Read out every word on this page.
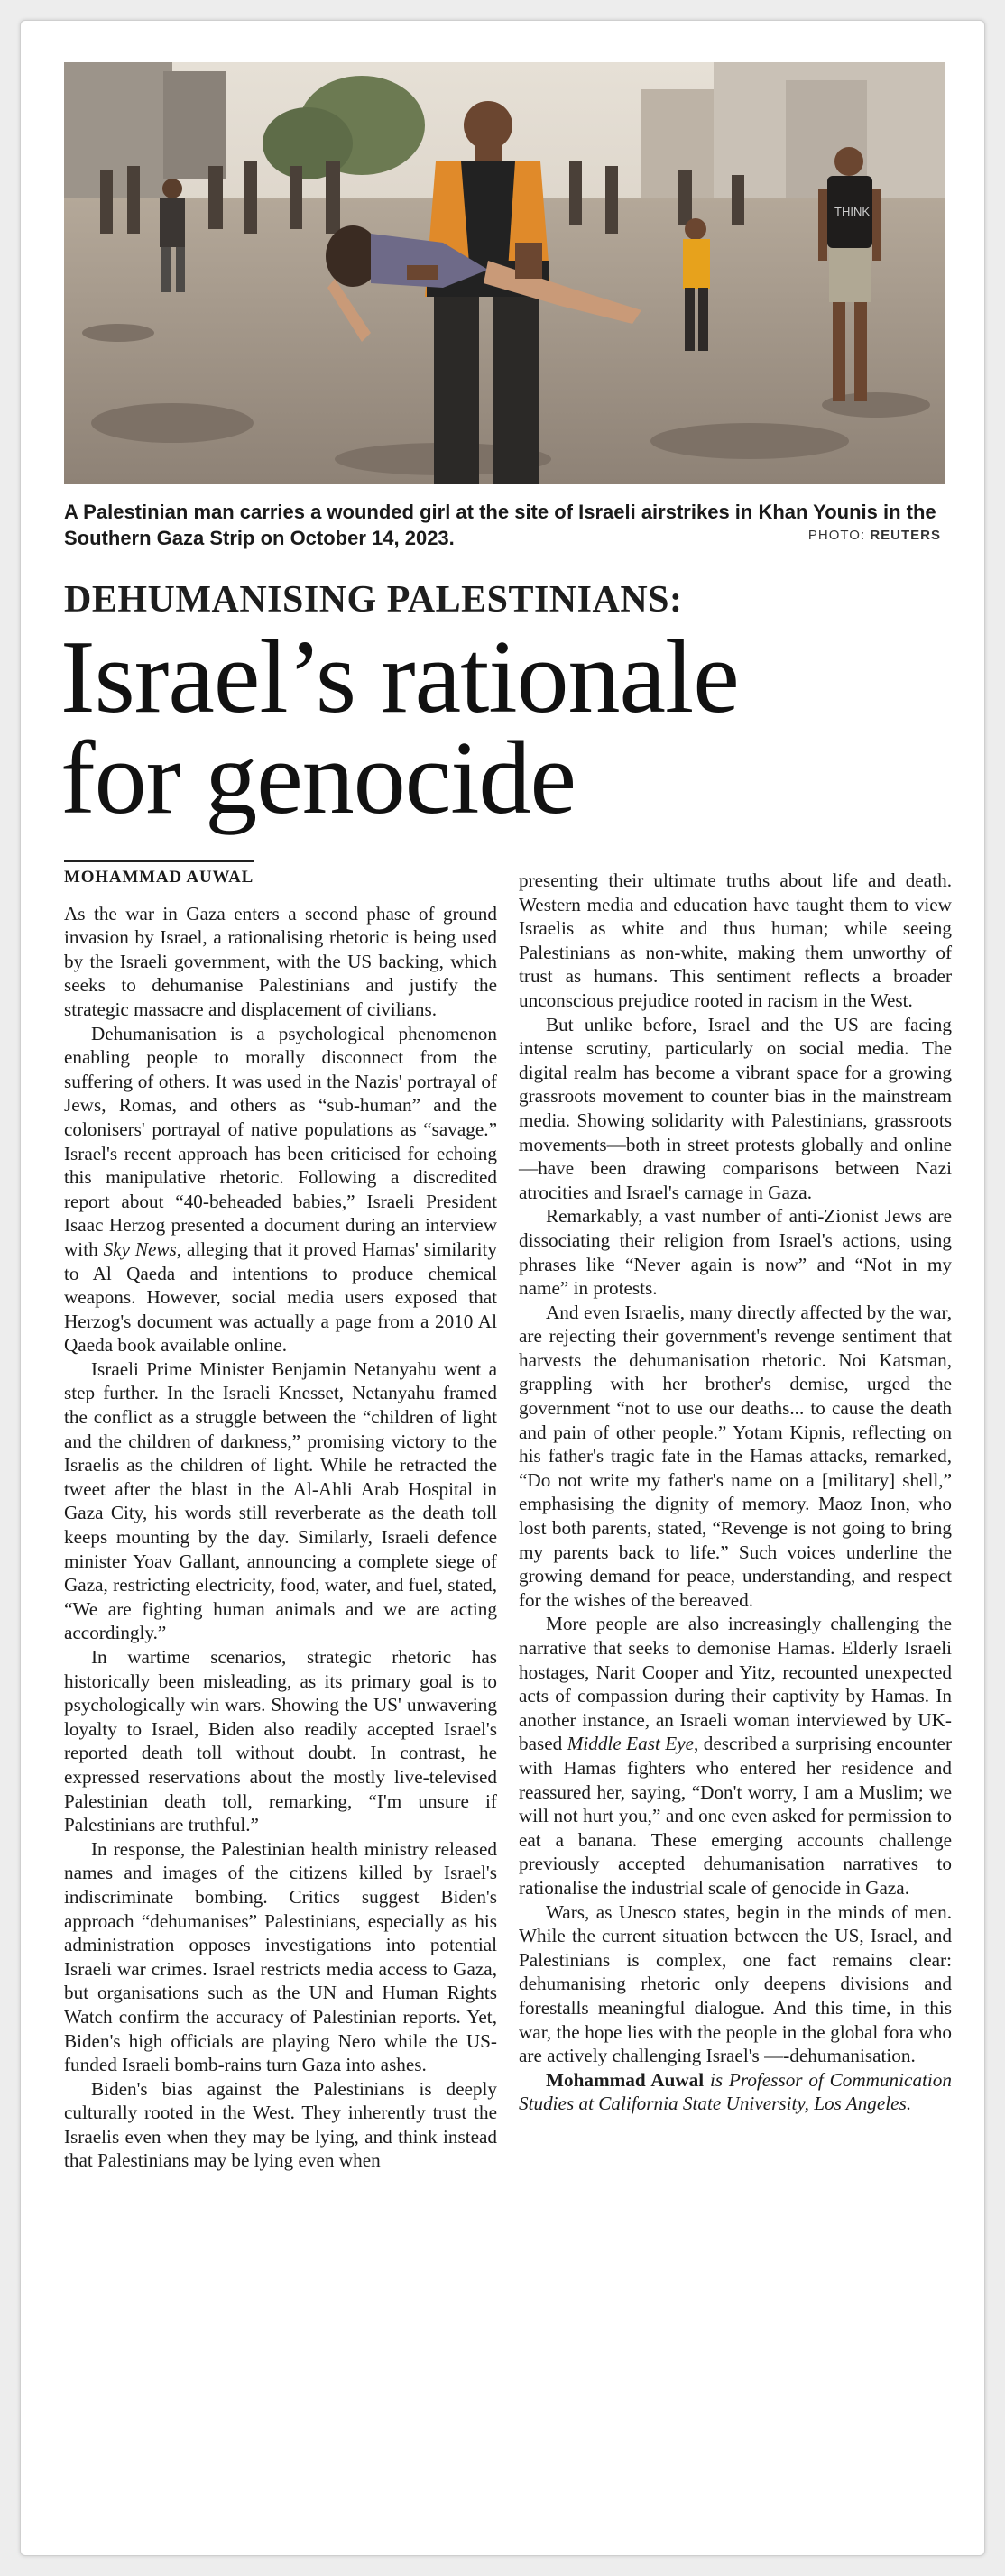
THINK
A Palestinian man carries a wounded girl at the site of Israeli airstrikes in Khan Younis in the Southern Gaza Strip on October 14, 2023.	PHOTO: REUTERS
DEHUMANISING PALESTINIANS:
Israel’s rationale
for genocide
MOHAMMAD AUWAL

As the war in Gaza enters a second phase of ground invasion by Israel, a rationalising rhetoric is being used by the Israeli government, with the US backing, which seeks to dehumanise Palestinians and justify the strategic massacre and displacement of civilians.

Dehumanisation is a psychological phenomenon enabling people to morally disconnect from the suffering of others. It was used in the Nazis' portrayal of Jews, Romas, and others as “sub-human” and the colonisers' portrayal of native populations as “savage.” Israel's recent approach has been criticised for echoing this manipulative rhetoric. Following a discredited report about “40-beheaded babies,” Israeli President Isaac Herzog presented a document during an interview with Sky News, alleging that it proved Hamas' similarity to Al Qaeda and intentions to produce chemical weapons. However, social media users exposed that Herzog's document was actually a page from a 2010 Al Qaeda book available online.

Israeli Prime Minister Benjamin Netanyahu went a step further. In the Israeli Knesset, Netanyahu framed the conflict as a struggle between the “children of light and the children of darkness,” promising victory to the Israelis as the children of light. While he retracted the tweet after the blast in the Al-Ahli Arab Hospital in Gaza City, his words still reverberate as the death toll keeps mounting by the day. Similarly, Israeli defence minister Yoav Gallant, announcing a complete siege of Gaza, restricting electricity, food, water, and fuel, stated, “We are fighting human animals and we are acting accordingly.”

In wartime scenarios, strategic rhetoric has historically been misleading, as its primary goal is to psychologically win wars. Showing the US' unwavering loyalty to Israel, Biden also readily accepted Israel's reported death toll without doubt. In contrast, he expressed reservations about the mostly live-televised Palestinian death toll, remarking, “I'm unsure if Palestinians are truthful.”

In response, the Palestinian health ministry released names and images of the citizens killed by Israel's indiscriminate bombing. Critics suggest Biden's approach “dehumanises” Palestinians, especially as his administration opposes investigations into potential Israeli war crimes. Israel restricts media access to Gaza, but organisations such as the UN and Human Rights Watch confirm the accuracy of Palestinian reports. Yet, Biden's high officials are playing Nero while the US-funded Israeli bomb-rains turn Gaza into ashes.

Biden's bias against the Palestinians is deeply culturally rooted in the West. They inherently trust the Israelis even when they may be lying, and think instead that Palestinians may be lying even when

presenting their ultimate truths about life and death. Western media and education have taught them to view Israelis as white and thus human; while seeing Palestinians as non-white, making them unworthy of trust as humans. This sentiment reflects a broader unconscious prejudice rooted in racism in the West.

But unlike before, Israel and the US are facing intense scrutiny, particularly on social media. The digital realm has become a vibrant space for a growing grassroots movement to counter bias in the mainstream media. Showing solidarity with Palestinians, grassroots movements—both in street protests globally and online—have been drawing comparisons between Nazi atrocities and Israel's carnage in Gaza.

Remarkably, a vast number of anti-Zionist Jews are dissociating their religion from Israel's actions, using phrases like “Never again is now” and “Not in my name” in protests.

And even Israelis, many directly affected by the war, are rejecting their government's revenge sentiment that harvests the dehumanisation rhetoric. Noi Katsman, grappling with her brother's demise, urged the government “not to use our deaths... to cause the death and pain of other people.” Yotam Kipnis, reflecting on his father's tragic fate in the Hamas attacks, remarked, “Do not write my father's name on a [military] shell,” emphasising the dignity of memory. Maoz Inon, who lost both parents, stated, “Revenge is not going to bring my parents back to life.” Such voices underline the growing demand for peace, understanding, and respect for the wishes of the bereaved.

More people are also increasingly challenging the narrative that seeks to demonise Hamas. Elderly Israeli hostages, Narit Cooper and Yitz, recounted unexpected acts of compassion during their captivity by Hamas. In another instance, an Israeli woman interviewed by UK-based Middle East Eye, described a surprising encounter with Hamas fighters who entered her residence and reassured her, saying, “Don't worry, I am a Muslim; we will not hurt you,” and one even asked for permission to eat a banana. These emerging accounts challenge previously accepted dehumanisation narratives to rationalise the industrial scale of genocide in Gaza.

Wars, as Unesco states, begin in the minds of men. While the current situation between the US, Israel, and Palestinians is complex, one fact remains clear: dehumanising rhetoric only deepens divisions and forestalls meaningful dialogue. And this time, in this war, the hope lies with the people in the global fora who are actively challenging Israel's —-dehumanisation.

Mohammad Auwal is Professor of Communication Studies at California State University, Los Angeles.
